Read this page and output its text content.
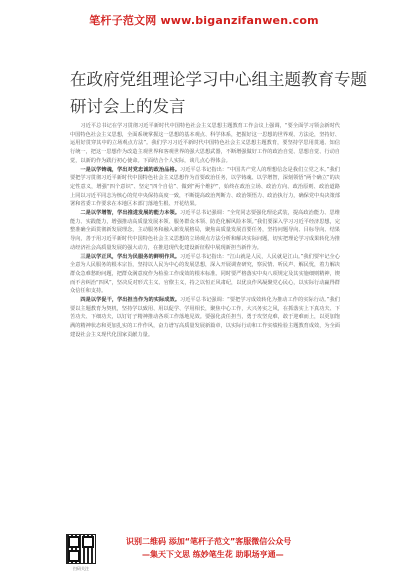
笔杆子范文网 www.biganzifanwen.com
在政府党组理论学习中心组主题教育专题研讨会上的发言

习近平总书记在学习贯彻习近平新时代中国特色社会主义思想主题教育工作会议上强调，“要全面学习领会新时代中国特色社会主义思想，全面系统掌握这一思想的基本观点、科学体系，把握好这一思想的世界观、方法论，坚持好、运用好贯穿其中的立场观点方法”。我们学习习近平新时代中国特色社会主义思想主题教育，要坚持学思用贯通、知信行统一，把这一思想作为改造主观世界和客观世界的强大思想武器，不断增强做好工作的政治自觉、思想自觉、行动自觉，以新的作为践行初心使命。下面结合个人实际，谈几点心得体会。

一是以学铸魂，学出对党忠诚的政治品格。习近平总书记指出：“中国共产党人的理想信念是我们立党之本。”我们要把学习贯彻习近平新时代中国特色社会主义思想作为首要政治任务，以学铸魂、以学增智，深刻领悟“两个确立”的决定性意义，增强“四个意识”、坚定“四个自信”、做到“两个维护”，始终在政治立场、政治方向、政治原则、政治道路上同以习近平同志为核心的党中央保持高度一致，不断提高政治判断力、政治领悟力、政治执行力，确保党中央决策部署和省委工作要求在本地区本部门落地生根、开花结果。

二是以学增智，学出推进发展的能力本领。习近平总书记强调：“全党同志要强化理论武装，提高政治能力、思维能力、实践能力，增强推动高质量发展本领、服务群众本领、防范化解风险本领。”我们要深入学习习近平经济思想，完整准确全面贯彻新发展理念，主动服务和融入新发展格局，聚焦高质量发展首要任务，坚持问题导向、目标导向、结果导向，善于用习近平新时代中国特色社会主义思想的立场观点方法分析和解决实际问题，切实把理论学习成果转化为推动经济社会高质量发展的强大动力，在推进现代化建设新征程中展现新担当新作为。

三是以学正风，学出为民服务的鲜明作风。习近平总书记指出：“江山就是人民，人民就是江山。”我们要牢记全心全意为人民服务的根本宗旨，坚持以人民为中心的发展思想，深入开展调查研究，察民情、听民声、解民忧，着力解决群众急难愁盼问题，把群众满意度作为检验工作成效的根本标准。同时要严格落实中央八项规定及其实施细则精神，锲而不舍纠治“四风”，坚决反对形式主义、官僚主义，持之以恒正风肃纪，以优良作风凝聚党心民心，以实际行动赢得群众信任和支持。

四是以学促干，学出担当作为的实际成效。习近平总书记强调：“要把学习成效转化为推动工作的实际行动。”我们要以主题教育为契机，坚持学以致用、用以促学、学用相长，聚焦中心工作，大兴务实之风，在抓落实上下真功夫、下苦功夫、下细功夫，以钉钉子精神推动各项工作落地见效。要强化责任担当，勇于攻坚克难，敢于迎难而上，以更加饱满的精神状态和更加扎实的工作作风，奋力谱写高质量发展新篇章，以实际行动和工作实绩检验主题教育成效，为全面建设社会主义现代化国家贡献力量。

扫码关注
识别二维码 添加“笔杆子范文”客服微信公众号
—集天下文思 练妙笔生花 助职场亨通—
